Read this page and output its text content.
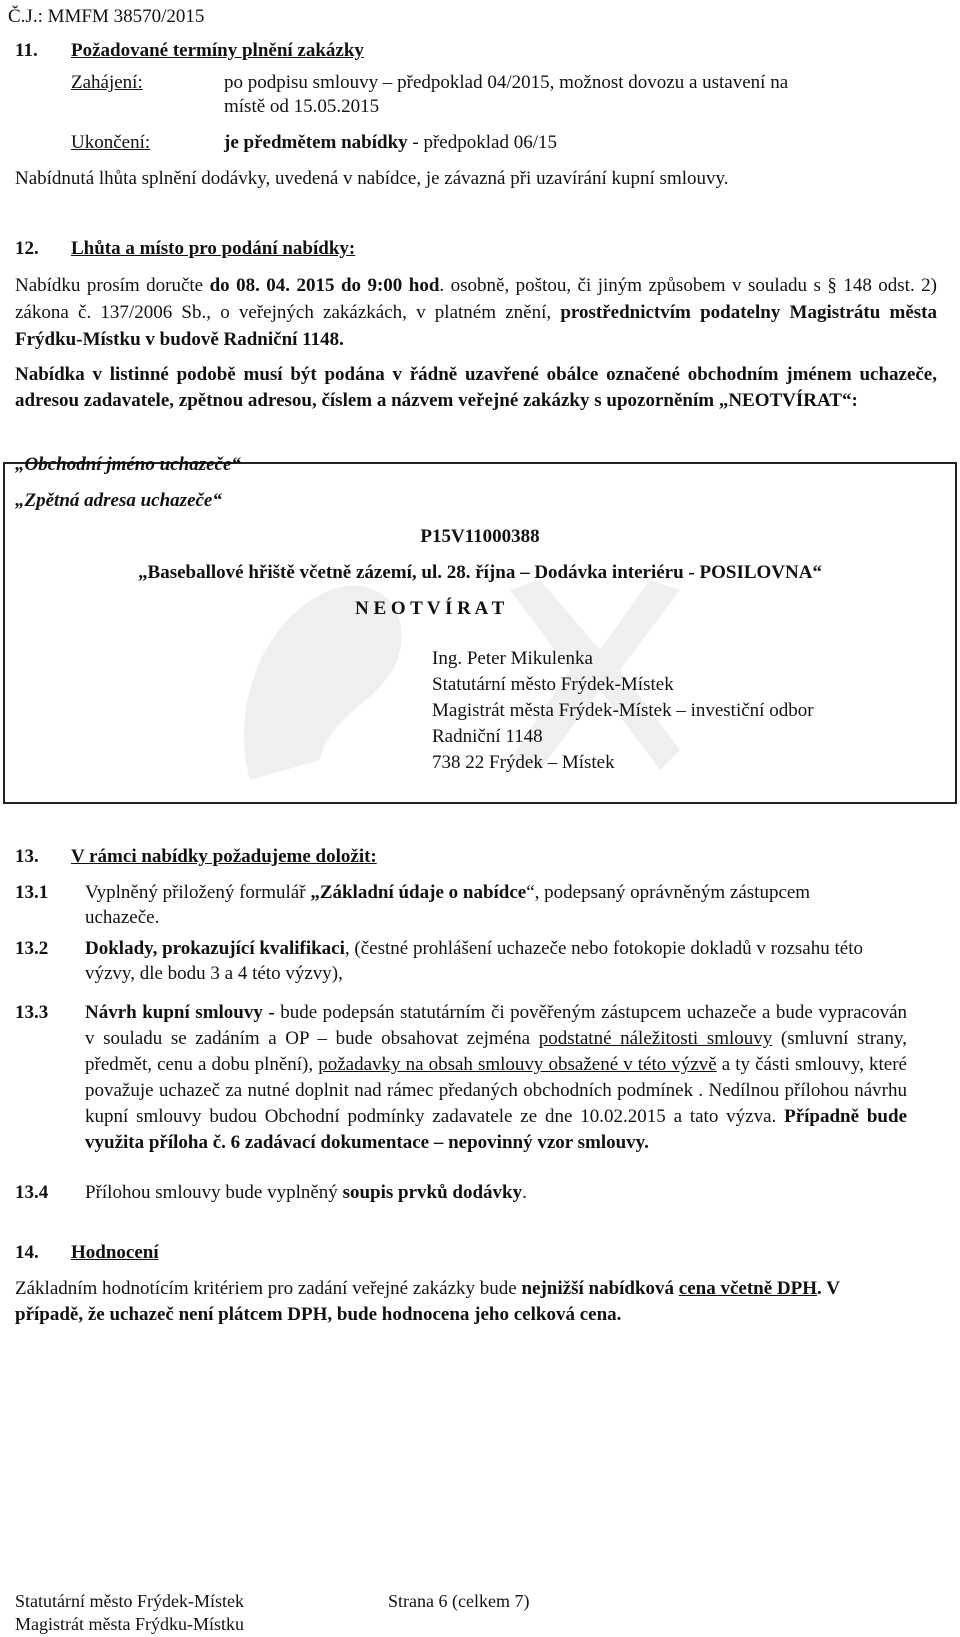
Č.J.: MMFM 38570/2015
11. Požadované termíny plnění zakázky
Zahájení:	po podpisu smlouvy – předpoklad 04/2015, možnost dovozu a ustavení na
místě od 15.05.2015
Ukončení:	je předmětem nabídky - předpoklad 06/15
Nabídnutá lhůta splnění dodávky, uvedená v nabídce, je závazná při uzavírání kupní smlouvy.
12. Lhůta a místo pro podání nabídky:
Nabídku prosím doručte do 08. 04. 2015 do 9:00 hod. osobně, poštou, či jiným způsobem v souladu s § 148 odst. 2) zákona č. 137/2006 Sb., o veřejných zakázkách, v platném znění, prostřednictvím podatelny Magistrátu města Frýdku-Místku v budově Radniční 1148.
Nabídka v listinné podobě musí být podána v řádně uzavřené obálce označené obchodním jménem uchazeče, adresou zadavatele, zpětnou adresou, číslem a názvem veřejné zakázky s upozorněním „NEOTVÍRAT“:
„Obchodní jméno uchazeče“
„Zpětná adresa uchazeče“
P15V11000388
„Baseballové hřiště včetně zázemí, ul. 28. října – Dodávka interiéru - POSILOVNA“
N E O T V Í R A T
Ing. Peter Mikulenka
Statutární město Frýdek-Místek
Magistrát města Frýdek-Místek – investiční odbor
Radniční 1148
738 22 Frýdek – Místek
13. V rámci nabídky požadujeme doložit:
13.1 Vyplněný přiložený formulář „Základní údaje o nabídce“, podepsaný oprávněným zástupcem uchazeče.
13.2 Doklady, prokazující kvalifikaci, (čestné prohlášení uchazeče nebo fotokopie dokladů v rozsahu této výzvy, dle bodu 3 a 4 této výzvy),
13.3 Návrh kupní smlouvy - bude podepsán statutárním či pověřeným zástupcem uchazeče a bude vypracován v souladu se zadáním a OP – bude obsahovat zejména podstatné náležitosti smlouvy (smluvní strany, předmět, cenu a dobu plnění), požadavky na obsah smlouvy obsažené v této výzvě a ty části smlouvy, které považuje uchazeč za nutné doplnit nad rámec předaných obchodních podmínek . Nedílnou přílohou návrhu kupní smlouvy budou Obchodní podmínky zadavatele ze dne 10.02.2015 a tato výzva. Případně bude využita příloha č. 6 zadávací dokumentace – nepovinný vzor smlouvy.
13.4 Přílohou smlouvy bude vyplněný soupis prvků dodávky.
14. Hodnocení
Základním hodnotícím kritériem pro zadání veřejné zakázky bude nejnižší nabídková cena včetně DPH. V případě, že uchazeč není plátcem DPH, bude hodnocena jeho celková cena.
Statutární město Frýdek-Místek
Magistrát města Frýdku-Místku
Strana 6 (celkem 7)
